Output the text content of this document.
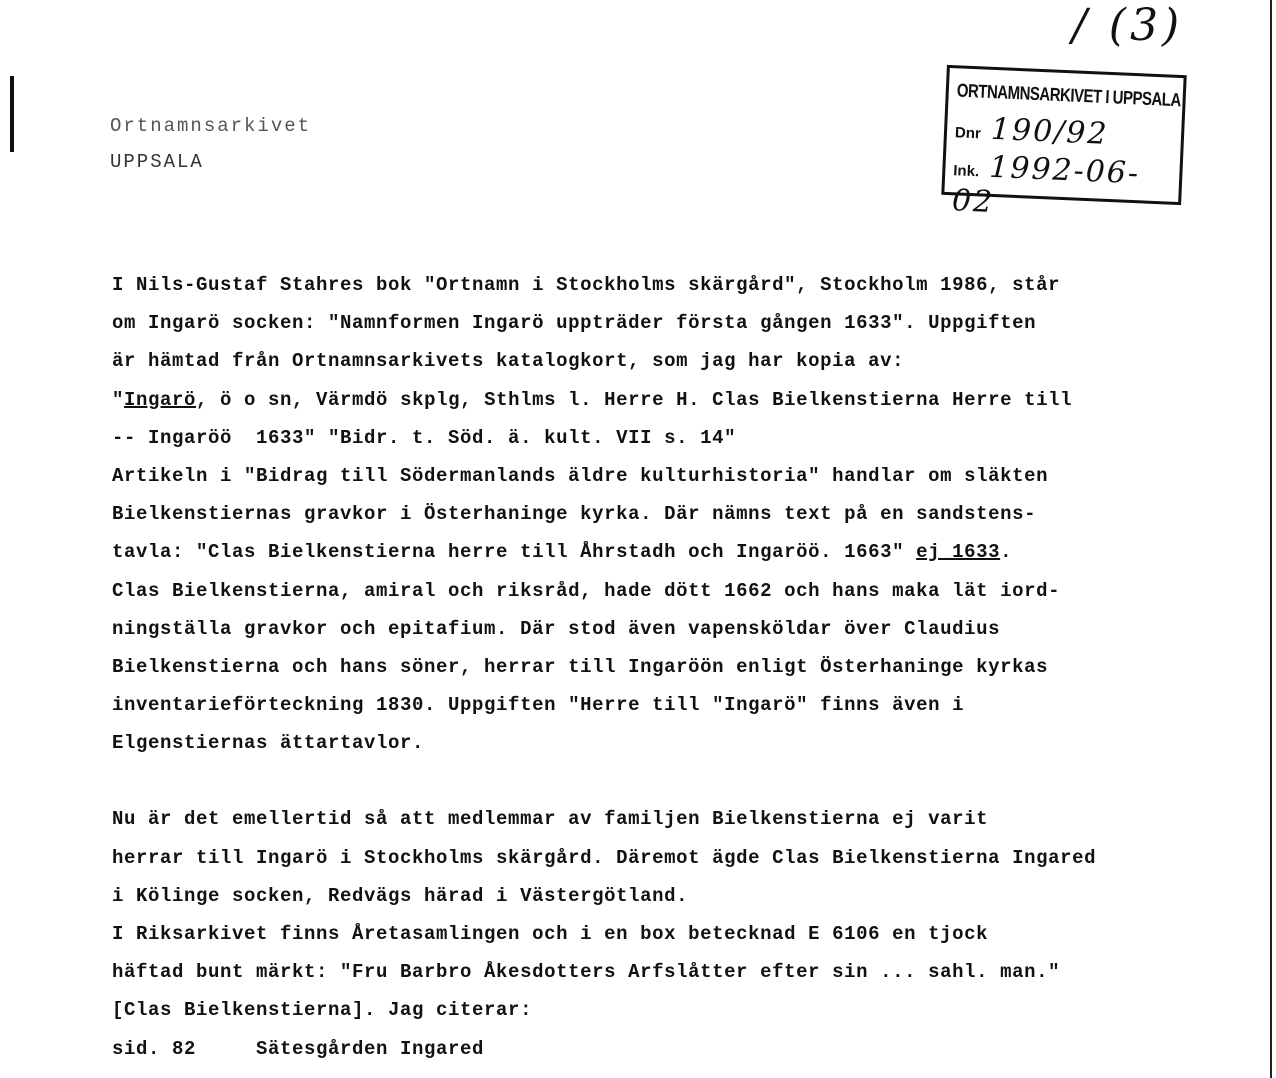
/ (3)
Ortnamnsarkivet
UPPSALA
ORTNAMNSARKIVET I UPPSALA
Dnr 190/92
Ink. 1992-06-02
I Nils-Gustaf Stahres bok "Ortnamn i Stockholms skärgård", Stockholm 1986, står
om Ingarö socken: "Namnformen Ingarö uppträder första gången 1633". Uppgiften
är hämtad från Ortnamnsarkivets katalogkort, som jag har kopia av:
"Ingarö, ö o sn, Värmdö skplg, Sthlms l. Herre H. Clas Bielkenstierna Herre till
-- Ingaröö  1633" "Bidr. t. Söd. ä. kult. VII s. 14"
Artikeln i "Bidrag till Södermanlands äldre kulturhistoria" handlar om släkten
Bielkenstiernas gravkor i Österhaninge kyrka. Där nämns text på en sandstens-
tavla: "Clas Bielkenstierna herre till Åhrstadh och Ingaröö. 1663" ej 1633.
Clas Bielkenstierna, amiral och riksråd, hade dött 1662 och hans maka lät iord-
ningställa gravkor och epitafium. Där stod även vapensköldar över Claudius
Bielkenstierna och hans söner, herrar till Ingaröön enligt Österhaninge kyrkas
inventarieförteckning 1830. Uppgiften "Herre till "Ingarö" finns även i
Elgenstiernas ättartavlor.
Nu är det emellertid så att medlemmar av familjen Bielkenstierna ej varit
herrar till Ingarö i Stockholms skärgård. Däremot ägde Clas Bielkenstierna Ingared
i Kölinge socken, Redvägs härad i Västergötland.
I Riksarkivet finns Åretasamlingen och i en box betecknad E 6106 en tjock
häftad bunt märkt: "Fru Barbro Åkesdotters Arfslåtter efter sin ... sahl. man."
[Clas Bielkenstierna]. Jag citerar:
sid. 82     Sätesgården Ingared
